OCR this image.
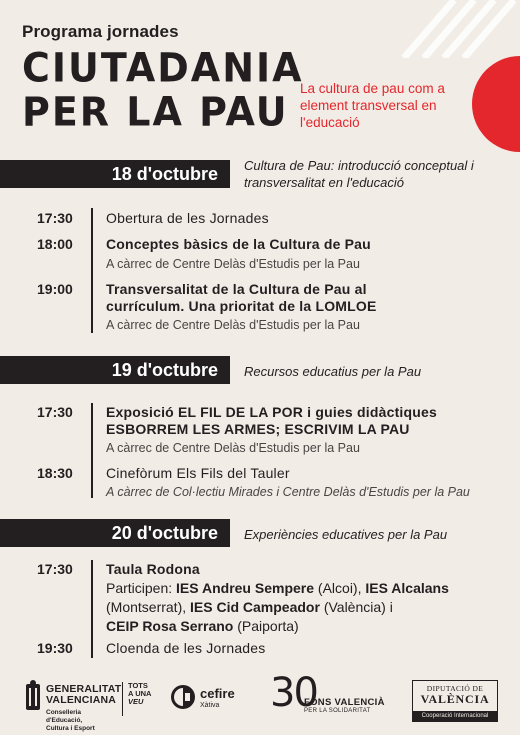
Programa jornades
CIUTADANIA
PER LA PAU
La cultura de pau com a element transversal en l'educació
18 d'octubre	Cultura de Pau: introducció conceptual i transversalitat en l'educació
17:30 Obertura de les Jornades
18:00 Conceptes bàsics de la Cultura de Pau
A càrrec de Centre Delàs d'Estudis per la Pau
19:00 Transversalitat de la Cultura de Pau al
currículum. Una prioritat de la LOMLOE
A càrrec de Centre Delàs d'Estudis per la Pau
19 d'octubre	Recursos educatius per la Pau
17:30 Exposició EL FIL DE LA POR i guies didàctiques
ESBORREM LES ARMES; ESCRIVIM LA PAU
A càrrec de Centre Delàs d'Estudis per la Pau
18:30 Cinefòrum Els Fils del Tauler
A càrrec de Col·lectiu Mirades i Centre Delàs d'Estudis per la Pau
20 d'octubre	Experiències educatives per la Pau
17:30 Taula Rodona
Participen: IES Andreu Sempere (Alcoi), IES Alcalans
(Montserrat), IES Cid Campeador (València) i
CEIP Rosa Serrano (Paiporta)
19:30 Cloenda de les Jornades
GENERALITAT
VALENCIANA
Conselleria d'Educació,
Cultura i Esport
TOTS
A UNA
VEU
cefire
Xàtiva 30
FONS VALENCIÀ
PER LA SOLIDARITAT
DIPUTACIÓ DE
VALÈNCIA
Cooperació Internacional
